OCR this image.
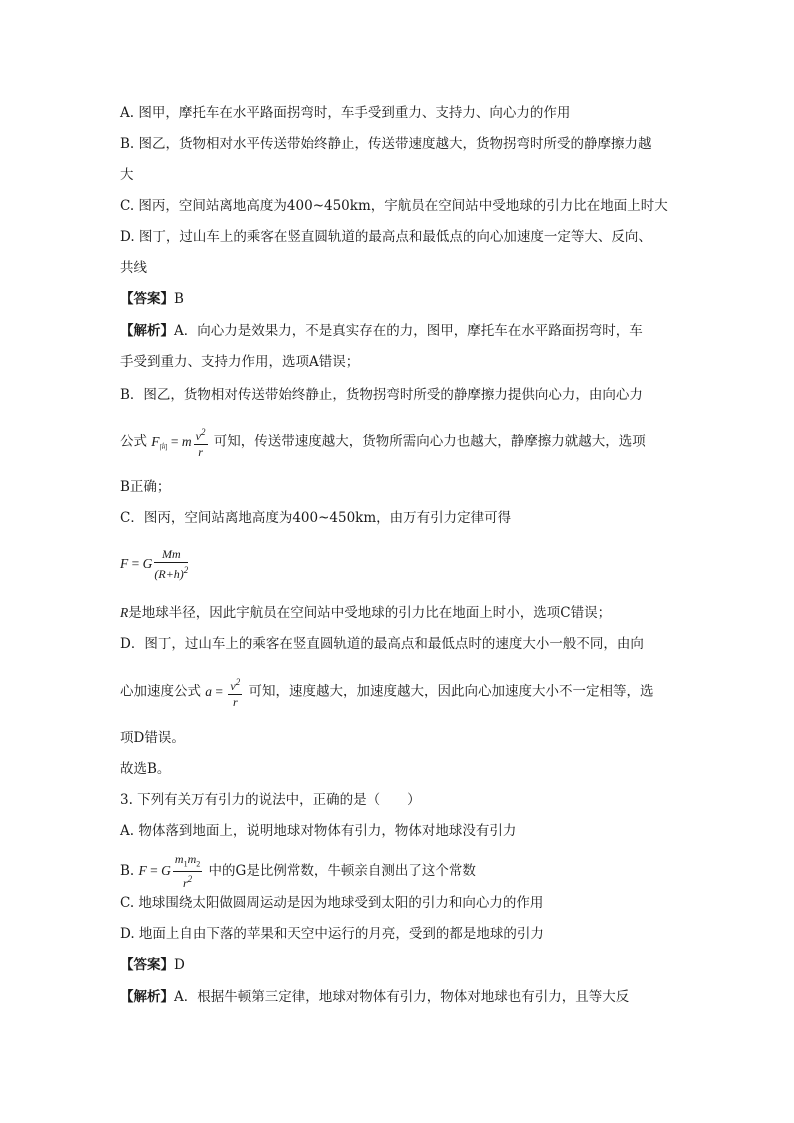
A. 图甲，摩托车在水平路面拐弯时，车手受到重力、支持力、向心力的作用
B. 图乙，货物相对水平传送带始终静止，传送带速度越大，货物拐弯时所受的静摩擦力越
大
C. 图丙，空间站离地高度为400~450km，宇航员在空间站中受地球的引力比在地面上时大
D. 图丁，过山车上的乘客在竖直圆轨道的最高点和最低点的向心加速度一定等大、反向、
共线
【答案】B
【解析】A．向心力是效果力，不是真实存在的力，图甲，摩托车在水平路面拐弯时，车
手受到重力、支持力作用，选项A错误；
B．图乙，货物相对传送带始终静止，货物拐弯时所受的静摩擦力提供向心力，由向心力
公式 $F_向 = m \frac{v^2}{r}$ 可知，传送带速度越大，货物所需向心力也越大，静摩擦力就越大，选项
B正确；
C．图丙，空间站离地高度为400~450km，由万有引力定律可得
F = G $\frac{Mm}{(R+h)^2}$
R是地球半径，因此宇航员在空间站中受地球的引力比在地面上时小，选项C错误；
D．图丁，过山车上的乘客在竖直圆轨道的最高点和最低点时的速度大小一般不同，由向
心加速度公式 $a = \frac{v^2}{r}$ 可知，速度越大，加速度越大，因此向心加速度大小不一定相等，选
项D错误。
故选B。
3. 下列有关万有引力的说法中，正确的是（　　）
A. 物体落到地面上，说明地球对物体有引力，物体对地球没有引力
B. F = G $\frac{m_1m_2}{r^2}$ 中的G是比例常数，牛顿亲自测出了这个常数
C. 地球围绕太阳做圆周运动是因为地球受到太阳的引力和向心力的作用
D. 地面上自由下落的苹果和天空中运行的月亮，受到的都是地球的引力
【答案】D
【解析】A．根据牛顿第三定律，地球对物体有引力，物体对地球也有引力，且等大反
